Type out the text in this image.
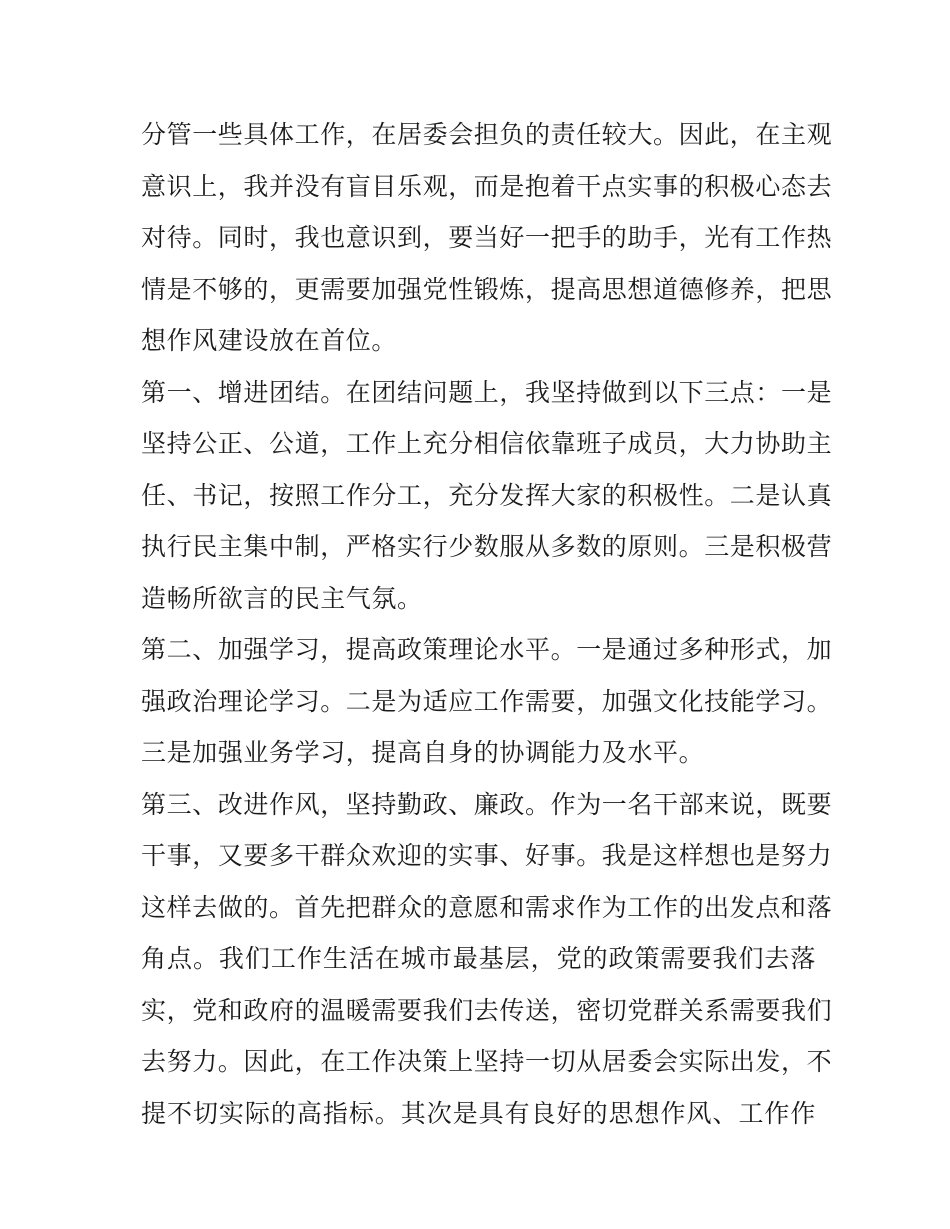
分管一些具体工作，在居委会担负的责任较大。因此，在主观
意识上，我并没有盲目乐观，而是抱着干点实事的积极心态去
对待。同时，我也意识到，要当好一把手的助手，光有工作热
情是不够的，更需要加强党性锻炼，提高思想道德修养，把思
想作风建设放在首位。
第一、增进团结。在团结问题上，我坚持做到以下三点：一是
坚持公正、公道，工作上充分相信依靠班子成员，大力协助主
任、书记，按照工作分工，充分发挥大家的积极性。二是认真
执行民主集中制，严格实行少数服从多数的原则。三是积极营
造畅所欲言的民主气氛。
第二、加强学习，提高政策理论水平。一是通过多种形式，加
强政治理论学习。二是为适应工作需要，加强文化技能学习。
三是加强业务学习，提高自身的协调能力及水平。
第三、改进作风，坚持勤政、廉政。作为一名干部来说，既要
干事，又要多干群众欢迎的实事、好事。我是这样想也是努力
这样去做的。首先把群众的意愿和需求作为工作的出发点和落
角点。我们工作生活在城市最基层，党的政策需要我们去落
实，党和政府的温暖需要我们去传送，密切党群关系需要我们
去努力。因此，在工作决策上坚持一切从居委会实际出发，不
提不切实际的高指标。其次是具有良好的思想作风、工作作
